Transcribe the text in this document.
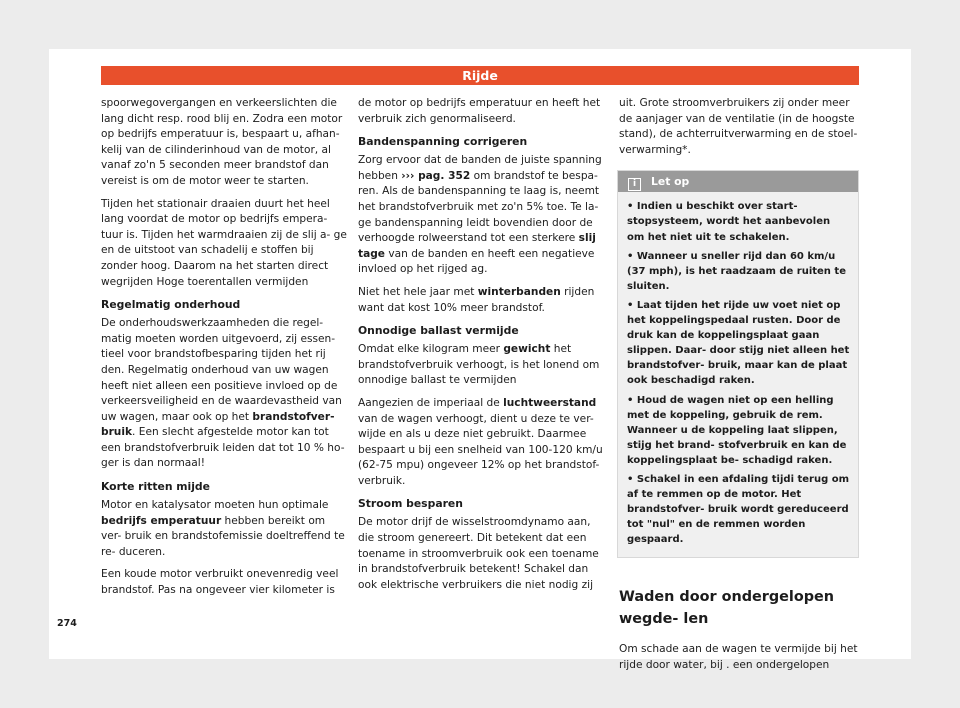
Rijde

spoorwegovergangen en verkeerslichten die lang dicht resp. rood blij en. Zodra een motor op bedrijfs emperatuur is, bespaart u, afhan- kelij van de cilinderinhoud van de motor, al vanaf zo'n 5 seconden meer brandstof dan vereist is om de motor weer te starten.

Tijden het stationair draaien duurt het heel lang voordat de motor op bedrijfs empera- tuur is. Tijden het warmdraaien zij de slij a- ge en de uitstoot van schadelij e stoffen bij zonder hoog. Daarom na het starten direct wegrijden Hoge toerentallen vermijden

Regelmatig onderhoud

De onderhoudswerkzaamheden die regel- matig moeten worden uitgevoerd, zij essen- tieel voor brandstofbesparing tijden het rij den. Regelmatig onderhoud van uw wagen heeft niet alleen een positieve invloed op de verkeersveiligheid en de waardevastheid van uw wagen, maar ook op het brandstofver- bruik. Een slecht afgestelde motor kan tot een brandstofverbruik leiden dat tot 10 % ho- ger is dan normaal!

Korte ritten mijde

Motor en katalysator moeten hun optimale bedrijfs emperatuur hebben bereikt om ver- bruik en brandstofemissie doeltreffend te re- duceren.

Een koude motor verbruikt onevenredig veel brandstof. Pas na ongeveer vier kilometer is

de motor op bedrijfs emperatuur en heeft het verbruik zich genormaliseerd.

Bandenspanning corrigeren

Zorg ervoor dat de banden de juiste spanning hebben ››› pag. 352 om brandstof te bespa- ren. Als de bandenspanning te laag is, neemt het brandstofverbruik met zo'n 5% toe. Te la- ge bandenspanning leidt bovendien door de verhoogde rolweerstand tot een sterkere slij tage van de banden en heeft een negatieve invloed op het rijged ag.

Niet het hele jaar met winterbanden rijden want dat kost 10% meer brandstof.

Onnodige ballast vermijde

Omdat elke kilogram meer gewicht het brandstofverbruik verhoogt, is het lonend om onnodige ballast te vermijden

Aangezien de imperiaal de luchtweerstand van de wagen verhoogt, dient u deze te ver- wijde en als u deze niet gebruikt. Daarmee bespaart u bij een snelheid van 100-120 km/u (62-75 mpu) ongeveer 12% op het brandstof- verbruik.

Stroom besparen

De motor drijf de wisselstroomdynamo aan, die stroom genereert. Dit betekent dat een toename in stroomverbruik ook een toename in brandstofverbruik betekent! Schakel dan ook elektrische verbruikers die niet nodig zij

uit. Grote stroomverbruikers zij onder meer de aanjager van de ventilatie (in de hoogste stand), de achterruitverwarming en de stoel- verwarming*.

i Let op
• Indien u beschikt over start-stopsysteem, wordt het aanbevolen om het niet uit te schakelen.
• Wanneer u sneller rijd dan 60 km/u (37 mph), is het raadzaam de ruiten te sluiten.
• Laat tijden het rijde uw voet niet op het koppelingspedaal rusten. Door de druk kan de koppelingsplaat gaan slippen. Daar- door stijg niet alleen het brandstofver- bruik, maar kan de plaat ook beschadigd raken.
• Houd de wagen niet op een helling met de koppeling, gebruik de rem. Wanneer u de koppeling laat slippen, stijg het brand- stofverbruik en kan de koppelingsplaat be- schadigd raken.
• Schakel in een afdaling tijdi terug om af te remmen op de motor. Het brandstofver- bruik wordt gereduceerd tot "nul" en de remmen worden gespaard.
Waden door ondergelopen wegde- len

Om schade aan de wagen te vermijde bij het rijde door water, bij . een ondergelopen

274
